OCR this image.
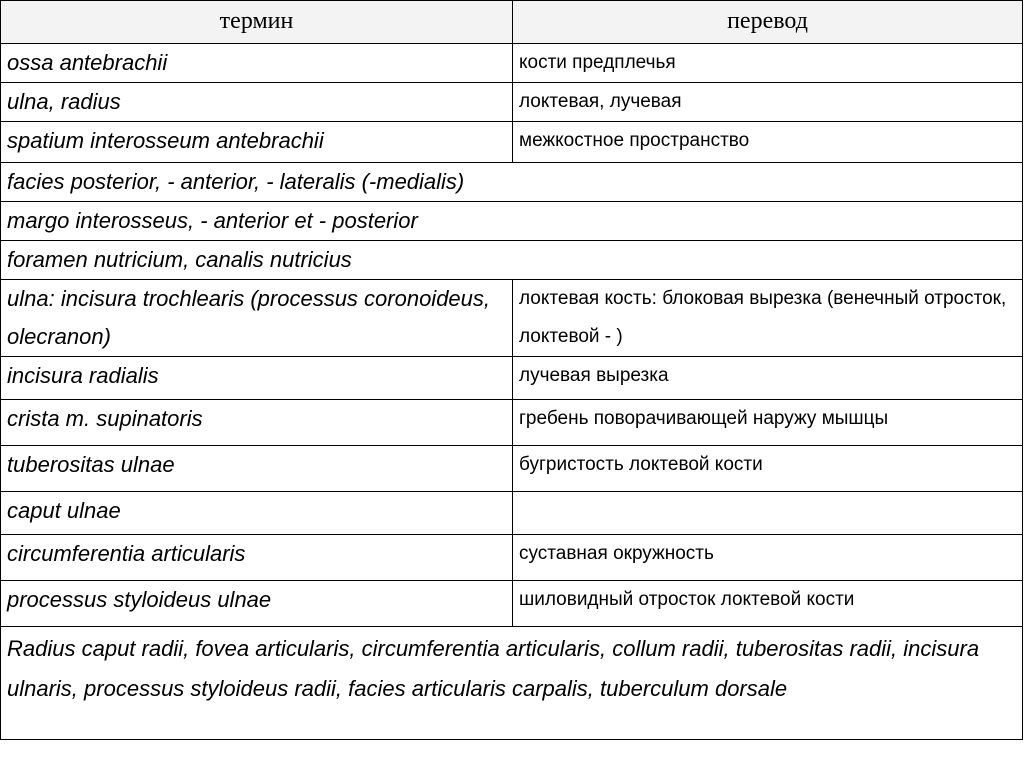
термин	перевод
ossa antebrachii	кости предплечья
ulna, radius	локтевая, лучевая
spatium interosseum antebrachii	межкостное пространство
facies posterior, - anterior, - lateralis (-medialis)	
margo interosseus, - anterior et - posterior	
foramen nutricium, canalis nutricius	
ulna: incisura trochlearis (processus coronoideus, olecranon)	локтевая кость: блоковая вырезка (венечный отросток, локтевой - )
incisura radialis	лучевая вырезка
crista m. supinatoris	гребень поворачивающей наружу мышцы
tuberositas ulnae	бугристость локтевой кости
caput ulnae	
circumferentia articularis	суставная окружность
processus styloideus ulnae	шиловидный отросток локтевой кости
Radius caput radii, fovea articularis, circumferentia articularis, collum radii, tuberositas radii, incisura ulnaris, processus styloideus radii, facies articularis carpalis, tuberculum dorsale	
